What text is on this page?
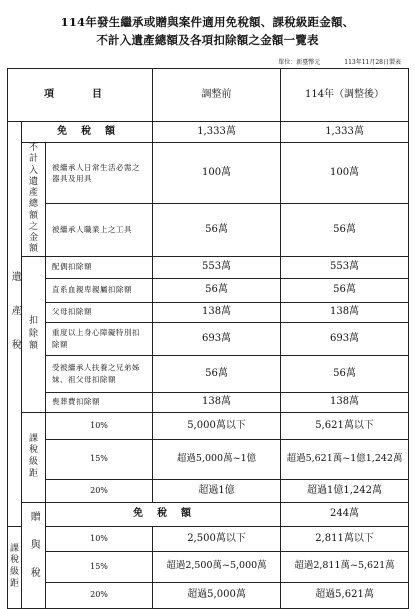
114年發生繼承或贈與案件適用免稅額、課稅級距金額、
不計入遺產總額及各項扣除額之金額一覽表
單位：新臺幣元	113年11月28日製表
項　目			調整前	114年（調整後）	
遺產稅	免　稅　額		1,333萬	1,333萬	

	不計入遺產總額之金額	被繼承人日常生活必需之器具及用具	100萬	100萬	
		被繼承人職業上之工具	56萬	56萬	

	扣除額	配偶扣除額	553萬	553萬	
		直系血親卑親屬扣除額	56萬	56萬	
		父母扣除額	138萬	138萬	
		重度以上身心障礙特別扣除額	693萬	693萬	
		受被繼承人扶養之兄弟姊妹、祖父母扣除額	56萬	56萬	
		喪葬費扣除額	138萬	138萬	

	課稅級距	10%	5,000萬以下	5,621萬以下	
		15%	超過5,000萬~1億	超過5,621萬~1億1,242萬	
		20%	超過1億	超過1億1,242萬	
	贈與稅	免　稅　額		244萬	

課稅級距		10%	2,500萬以下	2,811萬以下	
		15%	超過2,500萬~5,000萬	超過2,811萬~5,621萬	
		20%	超過5,000萬	超過5,621萬	
